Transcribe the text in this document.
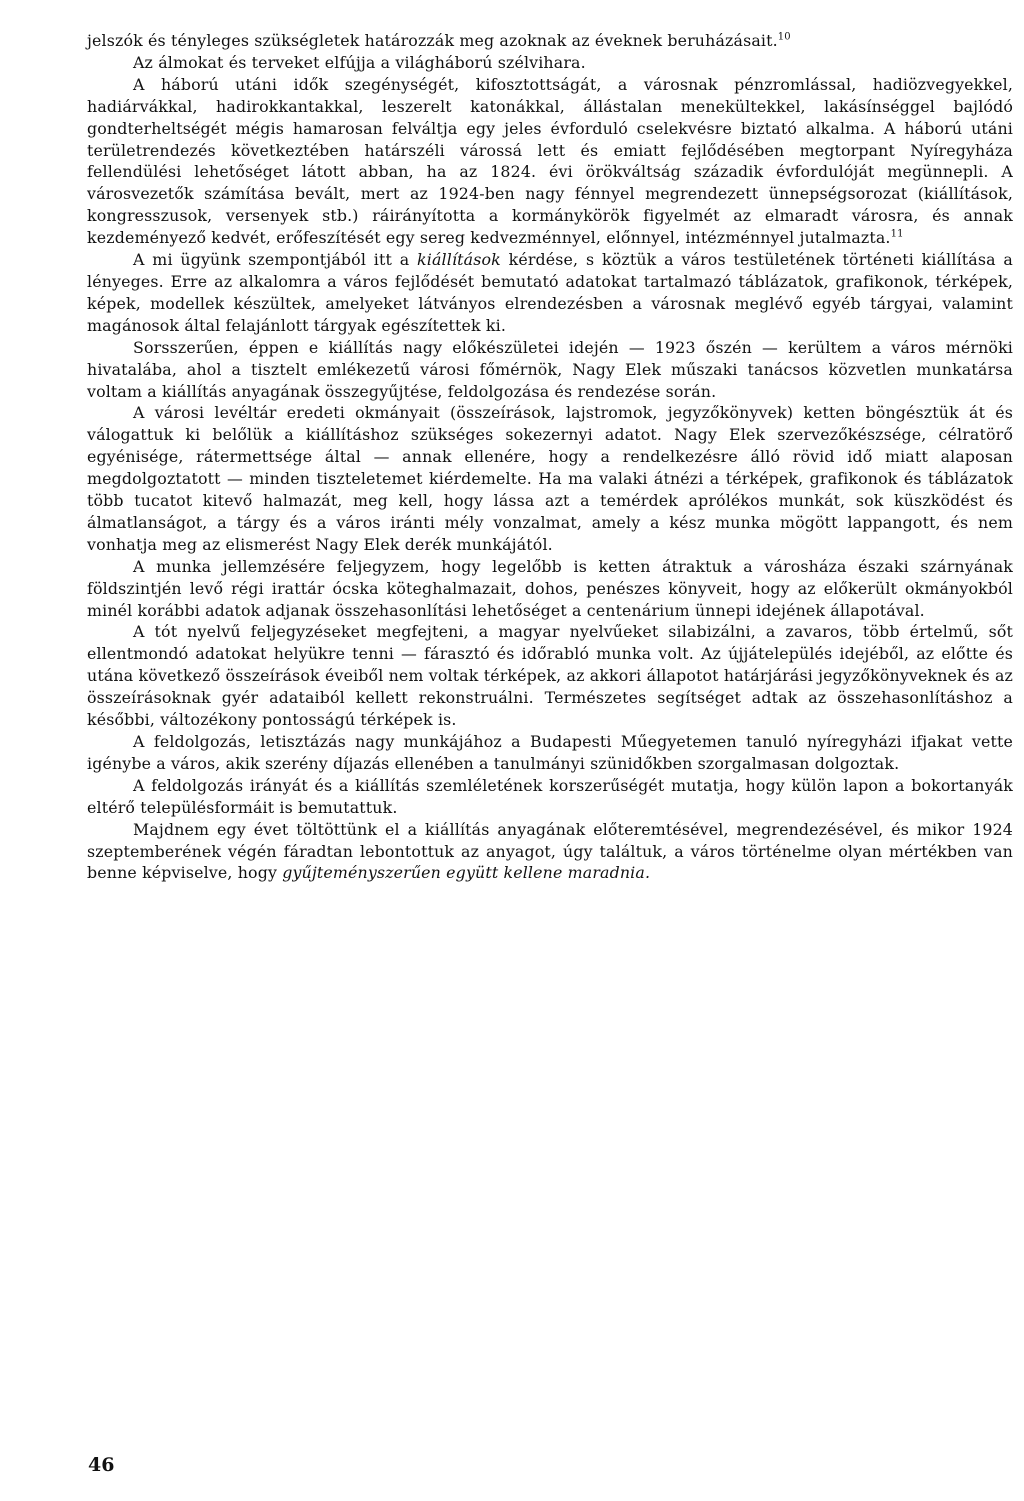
jelszók és tényleges szükségletek határozzák meg azoknak az éveknek beruházásait.$^{10}$

Az álmokat és terveket elfújja a világháború szélvihara.

A háború utáni idők szegénységét, kifosztottságát, a városnak pénzromlással, hadiözvegyekkel, hadiárvákkal, hadirokkantakkal, leszerelt katonákkal, állástalan menekültekkel, lakásínséggel bajlódó gondterheltségét mégis hamarosan felváltja egy jeles évforduló cselekvésre biztató alkalma. A háború utáni területrendezés következtében határszéli várossá lett és emiatt fejlődésében megtorpant Nyíregyháza fellendülési lehetőséget látott abban, ha az 1824. évi örökváltság századik évfordulóját megünnepli. A városvezetők számítása bevált, mert az 1924-ben nagy fénnyel megrendezett ünnepségsorozat (kiállítások, kongresszusok, versenyek stb.) ráirányította a kormánykörök figyelmét az elmaradt városra, és annak kezdeményező kedvét, erőfeszítését egy sereg kedvezménnyel, előnnyel, intézménnyel jutalmazta.$^{11}$

A mi ügyünk szempontjából itt a kiállítások kérdése, s köztük a város testületének történeti kiállítása a lényeges. Erre az alkalomra a város fejlődését bemutató adatokat tartalmazó táblázatok, grafikonok, térképek, képek, modellek készültek, amelyeket látványos elrendezésben a városnak meglévő egyéb tárgyai, valamint magánosok által felajánlott tárgyak egészítettek ki.

Sorsszerűen, éppen e kiállítás nagy előkészületei idején — 1923 őszén — kerültem a város mérnöki hivatalába, ahol a tisztelt emlékezetű városi főmérnök, Nagy Elek műszaki tanácsos közvetlen munkatársa voltam a kiállítás anyagának összegyűjtése, feldolgozása és rendezése során.

A városi levéltár eredeti okmányait (összeírások, lajstromok, jegyzőkönyvek) ketten böngésztük át és válogattuk ki belőlük a kiállításhoz szükséges sokezernyi adatot. Nagy Elek szervezőkészsége, célratörő egyénisége, rátermettsége által — annak ellenére, hogy a rendelkezésre álló rövid idő miatt alaposan megdolgoztatott — minden tiszteletemet kiérdemelte. Ha ma valaki átnézi a térképek, grafikonok és táblázatok több tucatot kitevő halmazát, meg kell, hogy lássa azt a temérdek aprólékos munkát, sok küszködést és álmatlanságot, a tárgy és a város iránti mély vonzalmat, amely a kész munka mögött lappangott, és nem vonhatja meg az elismerést Nagy Elek derék munkájától.

A munka jellemzésére feljegyzem, hogy legelőbb is ketten átraktuk a városháza északi szárnyának földszintjén levő régi irattár ócska köteghalmazait, dohos, penészes könyveit, hogy az előkerült okmányokból minél korábbi adatok adjanak összehasonlítási lehetőséget a centenárium ünnepi idejének állapotával.

A tót nyelvű feljegyzéseket megfejteni, a magyar nyelvűeket silabizálni, a zavaros, több értelmű, sőt ellentmondó adatokat helyükre tenni — fárasztó és időrabló munka volt. Az újjátelepülés idejéből, az előtte és utána következő összeírások éveiből nem voltak térképek, az akkori állapotot határjárási jegyzőkönyveknek és az összeírásoknak gyér adataiból kellett rekonstruálni. Természetes segítséget adtak az összehasonlításhoz a későbbi, változékony pontosságú térképek is.

A feldolgozás, letisztázás nagy munkájához a Budapesti Műegyetemen tanuló nyíregyházi ifjakat vette igénybe a város, akik szerény díjazás ellenében a tanulmányi szünidőkben szorgalmasan dolgoztak.

A feldolgozás irányát és a kiállítás szemléletének korszerűségét mutatja, hogy külön lapon a bokortanyák eltérő településformáit is bemutattuk.

Majdnem egy évet töltöttünk el a kiállítás anyagának előteremtésével, megrendezésével, és mikor 1924 szeptemberének végén fáradtan lebontottuk az anyagot, úgy találtuk, a város történelme olyan mértékben van benne képviselve, hogy gyűjteményszerűen együtt kellene maradnia.

46
